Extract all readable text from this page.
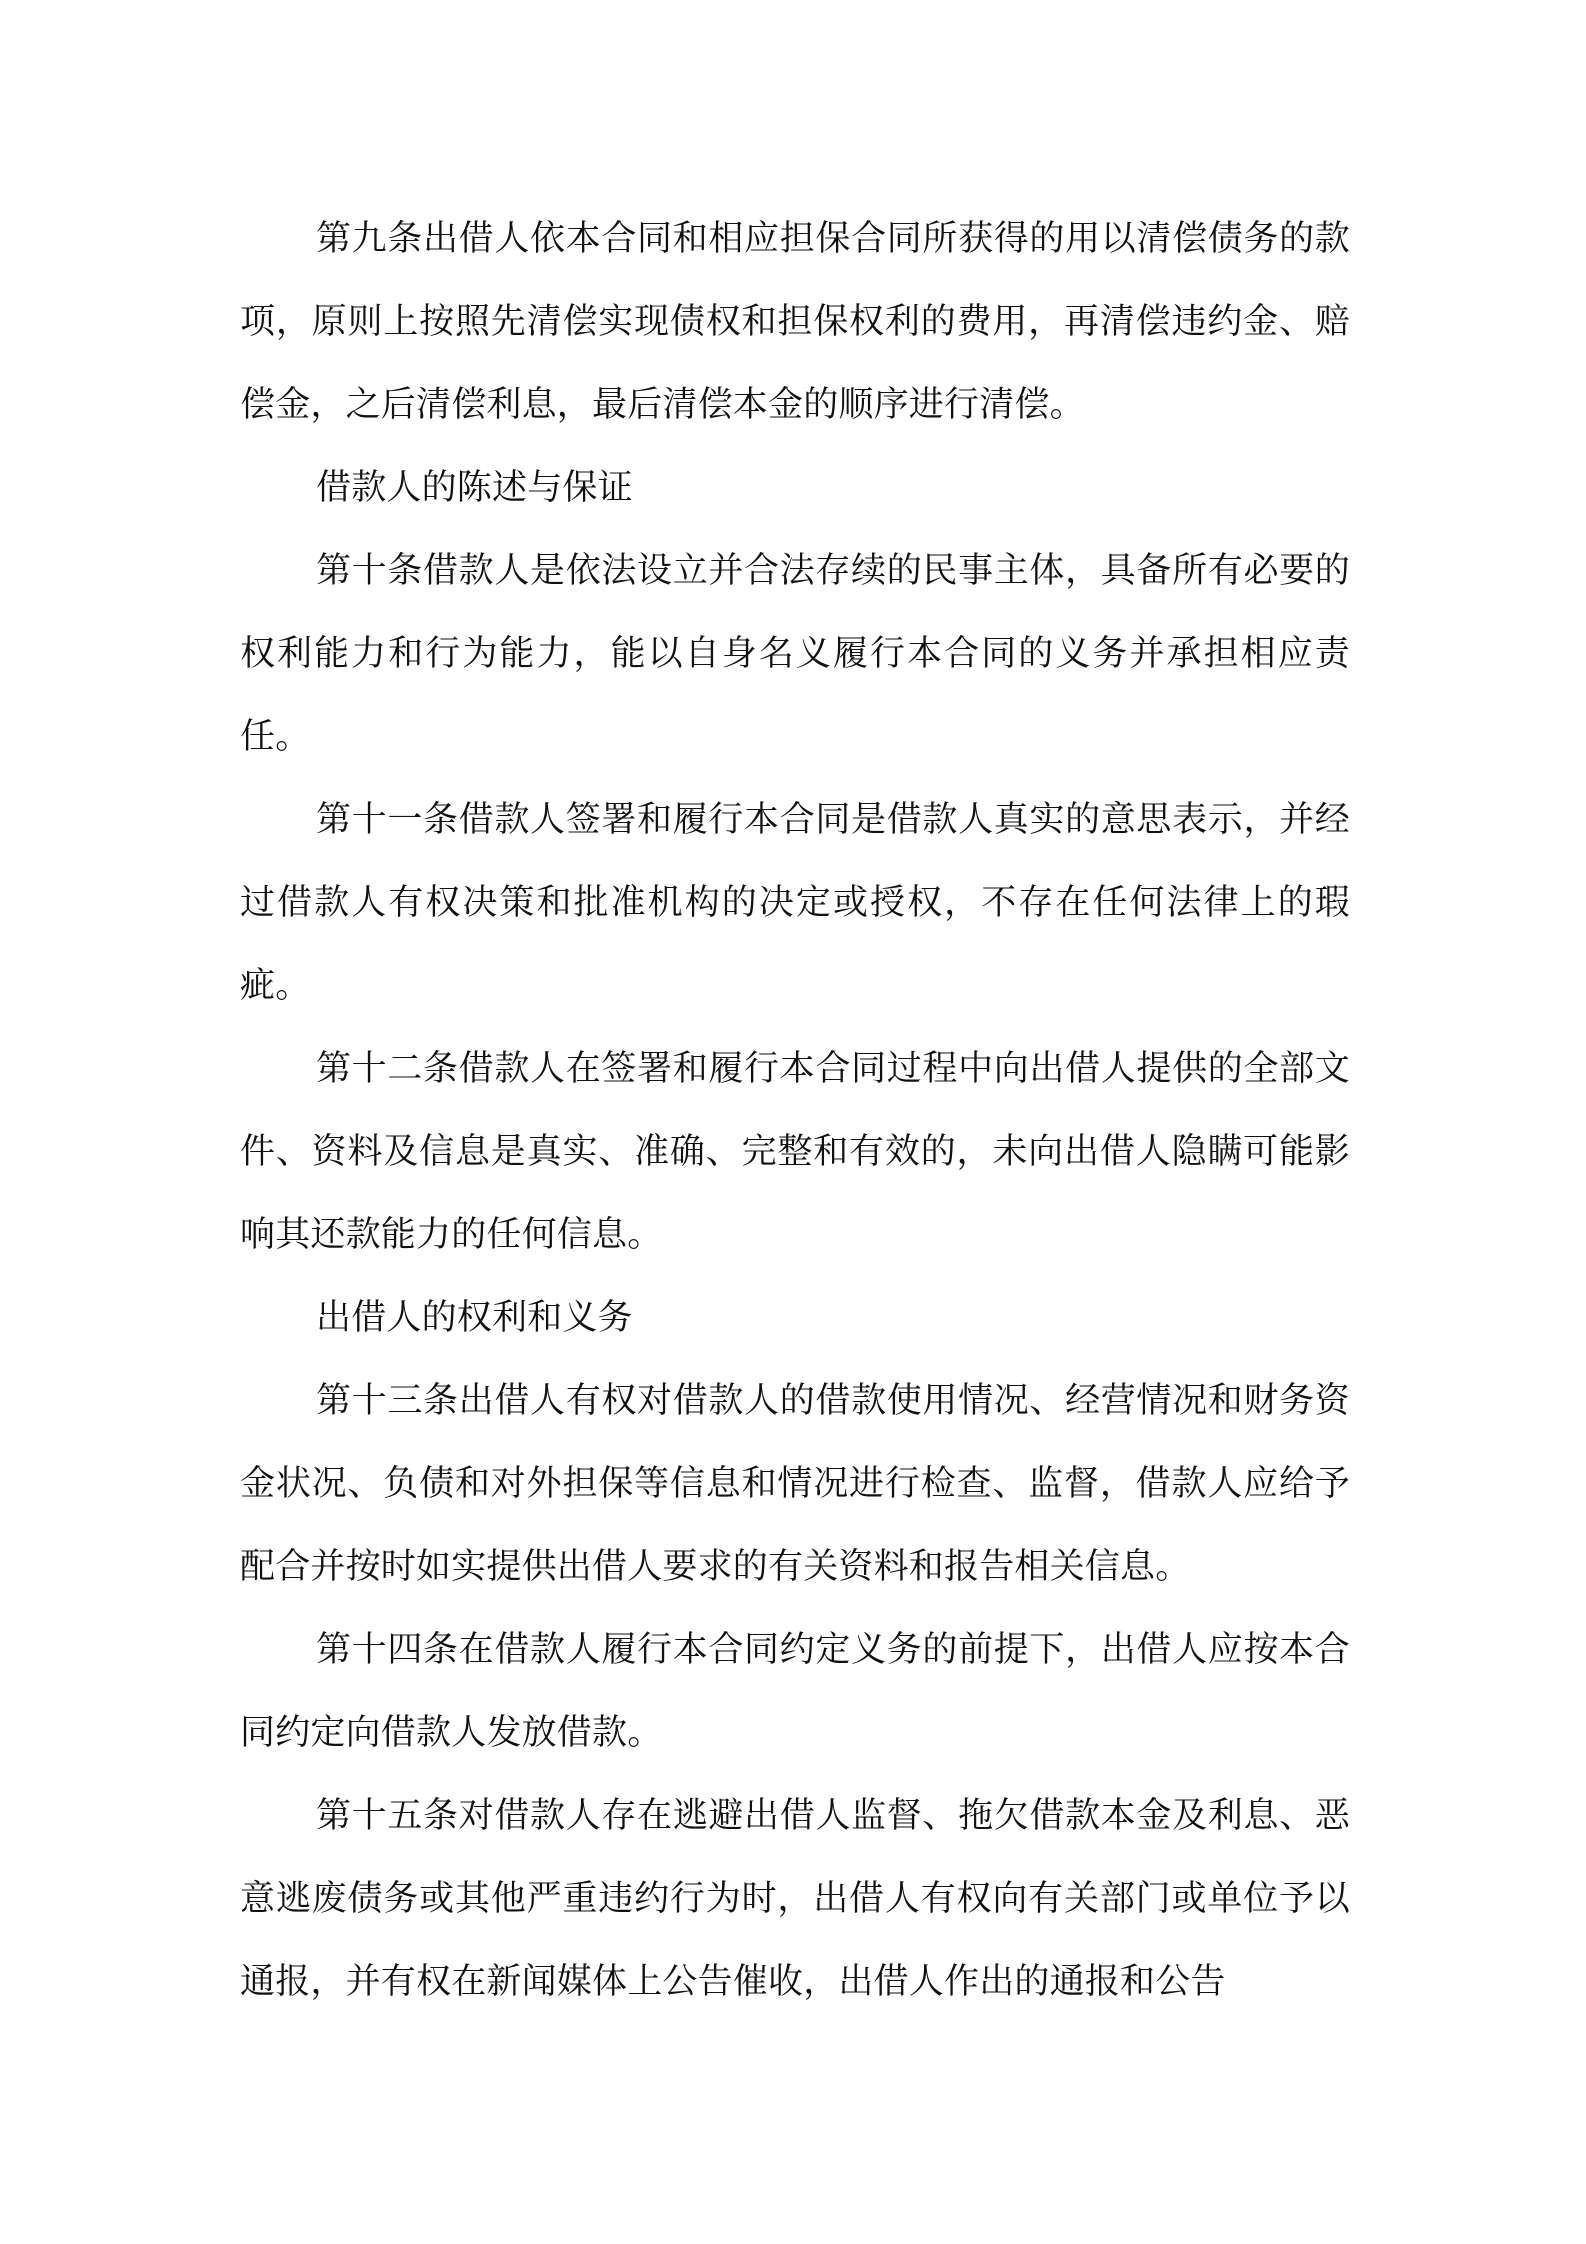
第九条出借人依本合同和相应担保合同所获得的用以清偿债务的款项，原则上按照先清偿实现债权和担保权利的费用，再清偿违约金、赔偿金，之后清偿利息，最后清偿本金的顺序进行清偿。

借款人的陈述与保证

第十条借款人是依法设立并合法存续的民事主体，具备所有必要的权利能力和行为能力，能以自身名义履行本合同的义务并承担相应责任。

第十一条借款人签署和履行本合同是借款人真实的意思表示，并经过借款人有权决策和批准机构的决定或授权，不存在任何法律上的瑕疵。

第十二条借款人在签署和履行本合同过程中向出借人提供的全部文件、资料及信息是真实、准确、完整和有效的，未向出借人隐瞒可能影响其还款能力的任何信息。

出借人的权利和义务

第十三条出借人有权对借款人的借款使用情况、经营情况和财务资金状况、负债和对外担保等信息和情况进行检查、监督，借款人应给予配合并按时如实提供出借人要求的有关资料和报告相关信息。

第十四条在借款人履行本合同约定义务的前提下，出借人应按本合同约定向借款人发放借款。

第十五条对借款人存在逃避出借人监督、拖欠借款本金及利息、恶意逃废债务或其他严重违约行为时，出借人有权向有关部门或单位予以通报，并有权在新闻媒体上公告催收，出借人作出的通报和公告
